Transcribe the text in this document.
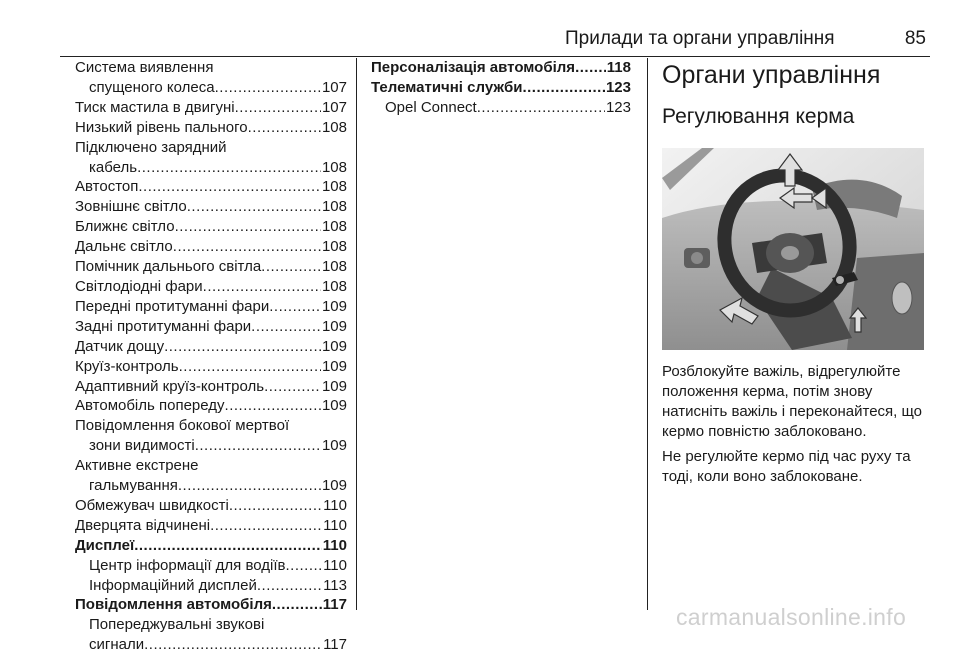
Прилади та органи управління	85
Система виявлення
спущеного колеса .....	107
Тиск мастила в двигуні .....	107
Низький рівень пального .....	108
Підключено зарядний
кабель .....	108
Автостоп .....	108
Зовнішнє світло .....	108
Ближнє світло .....	108
Дальнє світло .....	108
Помічник дальнього світла .....	108
Світлодіодні фари .....	108
Передні протитуманні фари .....	109
Задні протитуманні фари .....	109
Датчик дощу .....	109
Круїз-контроль .....	109
Адаптивний круїз-контроль .....	109
Автомобіль попереду .....	109
Повідомлення бокової мертвої
зони видимості .....	109
Активне екстрене
гальмування .....	109
Обмежувач швидкості .....	110
Дверцята відчинені .....	110
Дисплеї .....	110
Центр інформації для водіїв .....	110
Інформаційний дисплей .....	113
Повідомлення автомобіля .....	117
Попереджувальні звукові
сигнали .....	117
Персоналізація автомобіля ..... 118
Телематичні служби .....	123
Opel Connect .....	123
Органи управління
Регулювання керма
Розблокуйте важіль, відрегулюйте положення керма, потім знову натисніть важіль і переконайтеся, що кермо повністю заблоковано.
Не регулюйте кермо під час руху та тоді, коли воно заблоковане.
carmanualsonline.info
